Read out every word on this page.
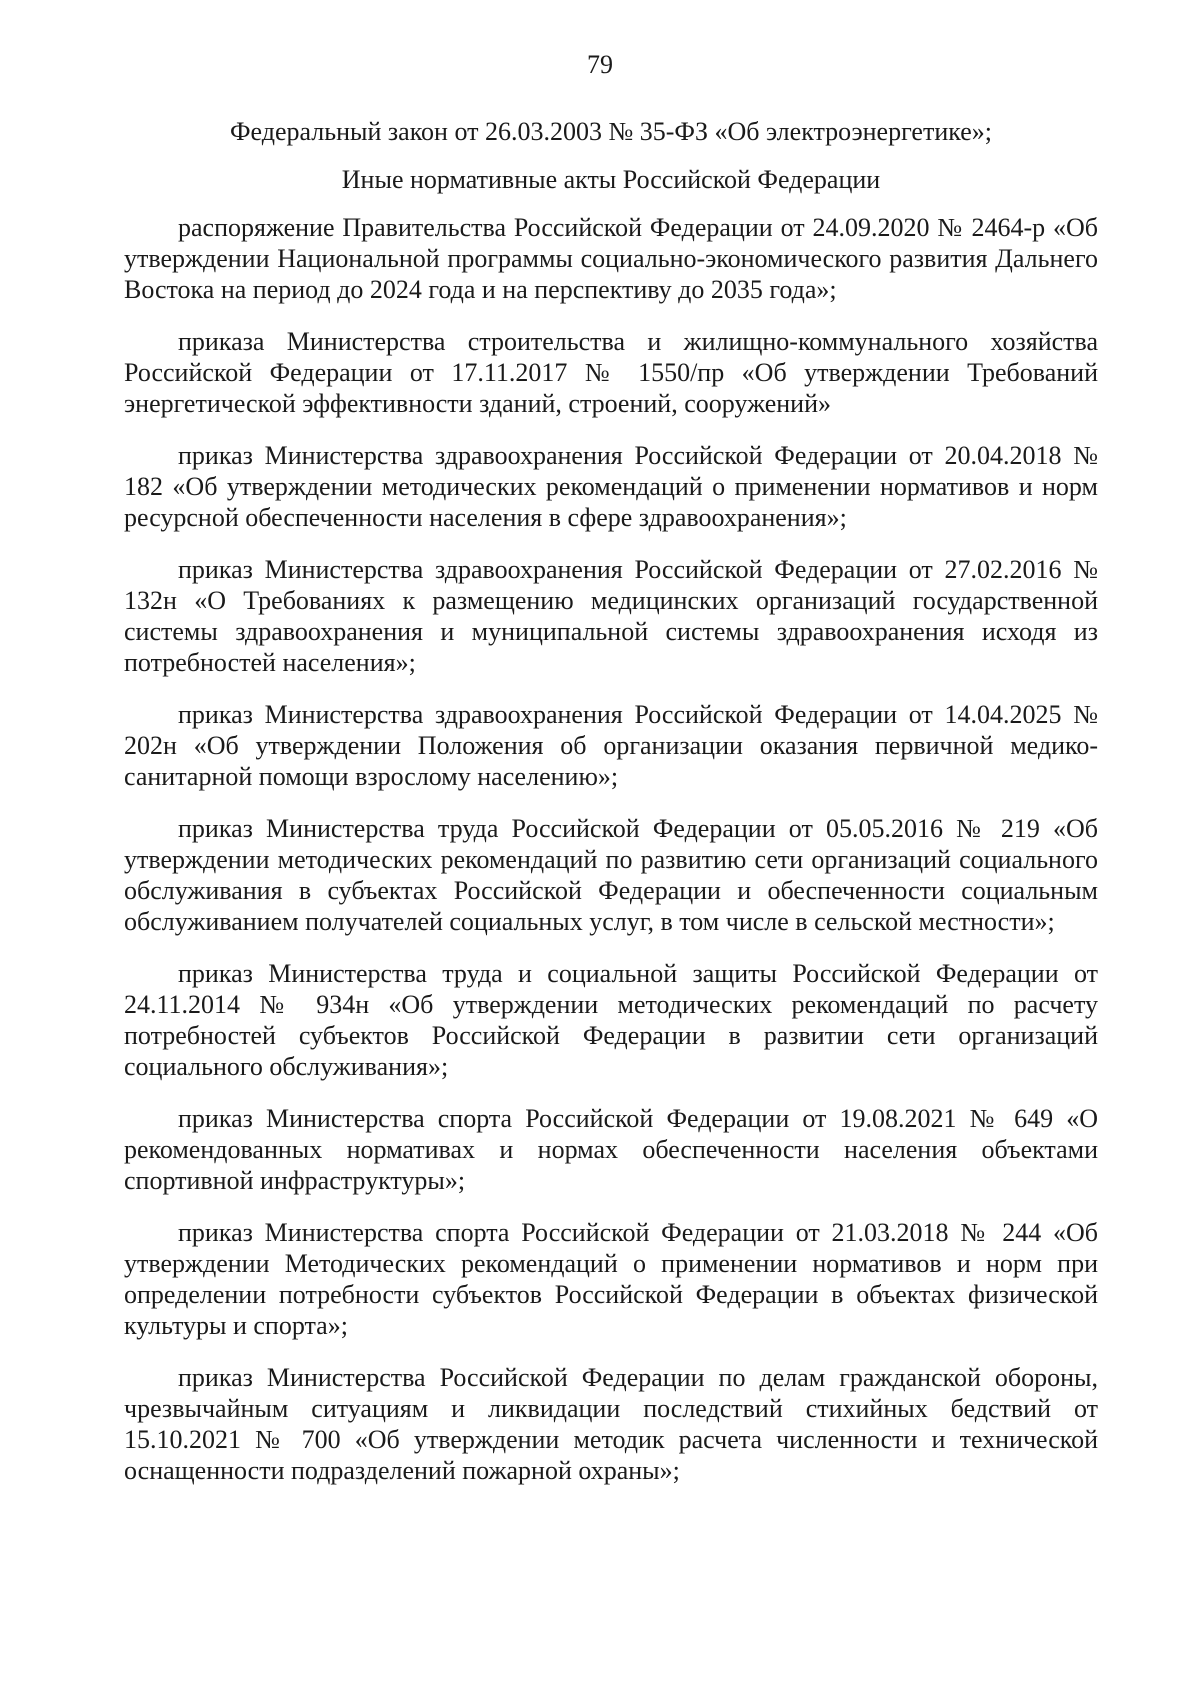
79

Федеральный закон от 26.03.2003 № 35-ФЗ «Об электроэнергетике»;

Иные нормативные акты Российской Федерации

распоряжение Правительства Российской Федерации от 24.09.2020 № 2464-р «Об утверждении Национальной программы социально-экономического развития Дальнего Востока на период до 2024 года и на перспективу до 2035 года»;

приказа Министерства строительства и жилищно-коммунального хозяйства Российской Федерации от 17.11.2017 № 1550/пр «Об утверждении Требований энергетической эффективности зданий, строений, сооружений»

приказ Министерства здравоохранения Российской Федерации от 20.04.2018 № 182 «Об утверждении методических рекомендаций о применении нормативов и норм ресурсной обеспеченности населения в сфере здравоохранения»;

приказ Министерства здравоохранения Российской Федерации от 27.02.2016 № 132н «О Требованиях к размещению медицинских организаций государственной системы здравоохранения и муниципальной системы здравоохранения исходя из потребностей населения»;

приказ Министерства здравоохранения Российской Федерации от 14.04.2025 № 202н «Об утверждении Положения об организации оказания первичной медико-санитарной помощи взрослому населению»;

приказ Министерства труда Российской Федерации от 05.05.2016 № 219 «Об утверждении методических рекомендаций по развитию сети организаций социального обслуживания в субъектах Российской Федерации и обеспеченности социальным обслуживанием получателей социальных услуг, в том числе в сельской местности»;

приказ Министерства труда и социальной защиты Российской Федерации от 24.11.2014 № 934н «Об утверждении методических рекомендаций по расчету потребностей субъектов Российской Федерации в развитии сети организаций социального обслуживания»;

приказ Министерства спорта Российской Федерации от 19.08.2021 № 649 «О рекомендованных нормативах и нормах обеспеченности населения объектами спортивной инфраструктуры»;

приказ Министерства спорта Российской Федерации от 21.03.2018 № 244 «Об утверждении Методических рекомендаций о применении нормативов и норм при определении потребности субъектов Российской Федерации в объектах физической культуры и спорта»;

приказ Министерства Российской Федерации по делам гражданской обороны, чрезвычайным ситуациям и ликвидации последствий стихийных бедствий от 15.10.2021 № 700 «Об утверждении методик расчета численности и технической оснащенности подразделений пожарной охраны»;
